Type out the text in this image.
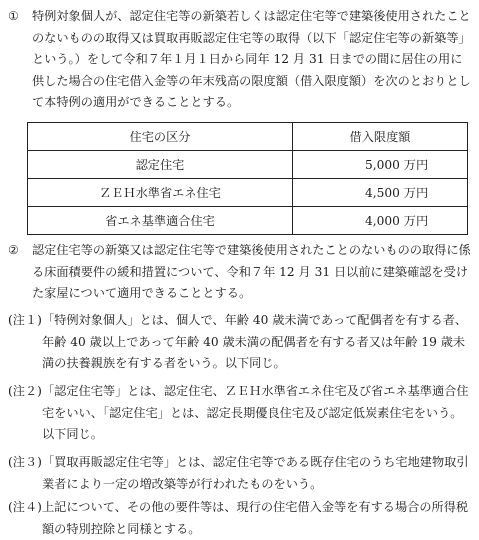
①	特例対象個人が、認定住宅等の新築若しくは認定住宅等で建築後使用されたことのないものの取得又は買取再販認定住宅等の取得（以下「認定住宅等の新築等」という。）をして令和７年１月１日から同年 12 月 31 日までの間に居住の用に供した場合の住宅借入金等の年末残高の限度額（借入限度額）を次のとおりとして本特例の適用ができることとする。
住宅の区分	借入限度額
認定住宅	5,000 万円
ＺＥＨ水準省エネ住宅	4,500 万円
省エネ基準適合住宅	4,000 万円
②	認定住宅等の新築又は認定住宅等で建築後使用されたことのないものの取得に係る床面積要件の緩和措置について、令和７年 12 月 31 日以前に建築確認を受けた家屋について適用できることとする。
(注１) 「特例対象個人」とは、個人で、年齢 40 歳未満であって配偶者を有する者、年齢 40 歳以上であって年齢 40 歳未満の配偶者を有する者又は年齢 19 歳未満の扶養親族を有する者をいう。以下同じ。
(注２) 「認定住宅等」とは、認定住宅、ＺＥＨ水準省エネ住宅及び省エネ基準適合住宅をいい、「認定住宅」とは、認定長期優良住宅及び認定低炭素住宅をいう。以下同じ。
(注３) 「買取再販認定住宅等」とは、認定住宅等である既存住宅のうち宅地建物取引業者により一定の増改築等が行われたものをいう。
(注４) 上記について、その他の要件等は、現行の住宅借入金等を有する場合の所得税額の特別控除と同様とする。
